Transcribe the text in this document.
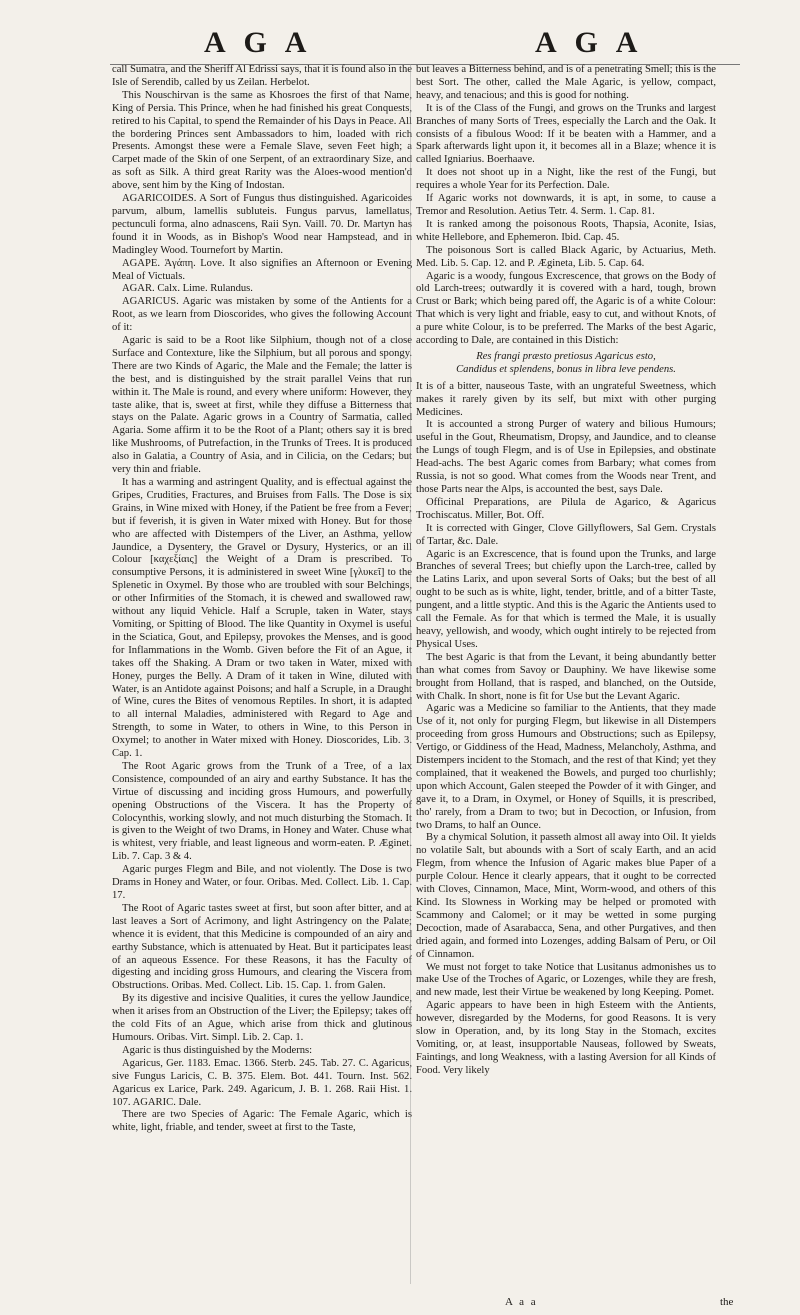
A G A	A G A

call Sumatra, and the Sheriff Al Edrissi says, that it is found also in the Isle of Serendib, called by us Zeilan. Herbelot.

This Nouschirvan is the same as Khosroes the first of that Name, King of Persia. This Prince, when he had finished his great Conquests, retired to his Capital, to spend the Remainder of his Days in Peace. All the bordering Princes sent Ambassadors to him, loaded with rich Presents. Amongst these were a Female Slave, seven Feet high; a Carpet made of the Skin of one Serpent, of an extraordinary Size, and as soft as Silk. A third great Rarity was the Aloes-wood mention'd above, sent him by the King of Indostan.

AGARICOIDES. A Sort of Fungus thus distinguished. Agaricoides parvum, album, lamellis subluteis. Fungus parvus, lamellatus, pectunculi forma, alno adnascens, Raii Syn. Vaill. 70. Dr. Martyn has found it in Woods, as in Bishop's Wood near Hampstead, and in Madingley Wood. Tournefort by Martin.

AGAPE. Ἀγάπη. Love. It also signifies an Afternoon or Evening Meal of Victuals.

AGAR. Calx. Lime. Rulandus.

AGARICUS. Agaric was mistaken by some of the Antients for a Root, as we learn from Dioscorides, who gives the following Account of it:

Agaric is said to be a Root like Silphium, though not of a close Surface and Contexture, like the Silphium, but all porous and spongy. There are two Kinds of Agaric, the Male and the Female; the latter is the best, and is distinguished by the strait parallel Veins that run within it. The Male is round, and every where uniform: However, they taste alike, that is, sweet at first, while they diffuse a Bitterness that stays on the Palate. Agaric grows in a Country of Sarmatia, called Agaria. Some affirm it to be the Root of a Plant; others say it is bred like Mushrooms, of Putrefaction, in the Trunks of Trees. It is produced also in Galatia, a Country of Asia, and in Cilicia, on the Cedars; but very thin and friable.

It has a warming and astringent Quality, and is effectual against the Gripes, Crudities, Fractures, and Bruises from Falls. The Dose is six Grains, in Wine mixed with Honey, if the Patient be free from a Fever; but if feverish, it is given in Water mixed with Honey. But for those who are affected with Distempers of the Liver, an Asthma, yellow Jaundice, a Dysentery, the Gravel or Dysury, Hysterics, or an ill Colour [καχεξίαις] the Weight of a Dram is prescribed. To consumptive Persons, it is administered in sweet Wine [γλυκεῖ] to the Splenetic in Oxymel. By those who are troubled with sour Belchings, or other Infirmities of the Stomach, it is chewed and swallowed raw, without any liquid Vehicle. Half a Scruple, taken in Water, stays Vomiting, or Spitting of Blood. The like Quantity in Oxymel is useful in the Sciatica, Gout, and Epilepsy, provokes the Menses, and is good for Inflammations in the Womb. Given before the Fit of an Ague, it takes off the Shaking. A Dram or two taken in Water, mixed with Honey, purges the Belly. A Dram of it taken in Wine, diluted with Water, is an Antidote against Poisons; and half a Scruple, in a Draught of Wine, cures the Bites of venomous Reptiles. In short, it is adapted to all internal Maladies, administered with Regard to Age and Strength, to some in Water, to others in Wine, to this Person in Oxymel; to another in Water mixed with Honey. Dioscorides, Lib. 3. Cap. 1.

The Root Agaric grows from the Trunk of a Tree, of a lax Consistence, compounded of an airy and earthy Substance. It has the Virtue of discussing and inciding gross Humours, and powerfully opening Obstructions of the Viscera. It has the Property of Colocynthis, working slowly, and not much disturbing the Stomach. It is given to the Weight of two Drams, in Honey and Water. Chuse what is whitest, very friable, and least ligneous and worm-eaten. P. Æginet. Lib. 7. Cap. 3 & 4.

Agaric purges Flegm and Bile, and not violently. The Dose is two Drams in Honey and Water, or four. Oribas. Med. Collect. Lib. 1. Cap. 17.

The Root of Agaric tastes sweet at first, but soon after bitter, and at last leaves a Sort of Acrimony, and light Astringency on the Palate; whence it is evident, that this Medicine is compounded of an airy and earthy Substance, which is attenuated by Heat. But it participates least of an aqueous Essence. For these Reasons, it has the Faculty of digesting and inciding gross Humours, and clearing the Viscera from Obstructions. Oribas. Med. Collect. Lib. 15. Cap. 1. from Galen.

By its digestive and incisive Qualities, it cures the yellow Jaundice, when it arises from an Obstruction of the Liver; the Epilepsy; takes off the cold Fits of an Ague, which arise from thick and glutinous Humours. Oribas. Virt. Simpl. Lib. 2. Cap. 1.

Agaric is thus distinguished by the Moderns:

Agaricus, Ger. 1183. Emac. 1366. Sterb. 245. Tab. 27. C. Agaricus, sive Fungus Laricis, C. B. 375. Elem. Bot. 441. Tourn. Inst. 562. Agaricus ex Larice, Park. 249. Agaricum, J. B. 1. 268. Raii Hist. 1. 107. AGARIC. Dale.

There are two Species of Agaric: The Female Agaric, which is white, light, friable, and tender, sweet at first to the Taste,

but leaves a Bitterness behind, and is of a penetrating Smell; this is the best Sort. The other, called the Male Agaric, is yellow, compact, heavy, and tenacious; and this is good for nothing.

It is of the Class of the Fungi, and grows on the Trunks and largest Branches of many Sorts of Trees, especially the Larch and the Oak. It consists of a fibulous Wood: If it be beaten with a Hammer, and a Spark afterwards light upon it, it becomes all in a Blaze; whence it is called Igniarius. Boerhaave.

It does not shoot up in a Night, like the rest of the Fungi, but requires a whole Year for its Perfection. Dale.

If Agaric works not downwards, it is apt, in some, to cause a Tremor and Resolution. Aetius Tetr. 4. Serm. 1. Cap. 81.

It is ranked among the poisonous Roots, Thapsia, Aconite, Isias, white Hellebore, and Ephemeron. Ibid. Cap. 45.

The poisonous Sort is called Black Agaric, by Actuarius, Meth. Med. Lib. 5. Cap. 12. and P. Ægineta, Lib. 5. Cap. 64.

Agaric is a woody, fungous Excrescence, that grows on the Body of old Larch-trees; outwardly it is covered with a hard, tough, brown Crust or Bark; which being pared off, the Agaric is of a white Colour: That which is very light and friable, easy to cut, and without Knots, of a pure white Colour, is to be preferred. The Marks of the best Agaric, according to Dale, are contained in this Distich:

Res frangi præsto pretiosus Agaricus esto,

Candidus et splendens, bonus in libra leve pendens.

It is of a bitter, nauseous Taste, with an ungrateful Sweetness, which makes it rarely given by its self, but mixt with other purging Medicines.

It is accounted a strong Purger of watery and bilious Humours; useful in the Gout, Rheumatism, Dropsy, and Jaundice, and to cleanse the Lungs of tough Flegm, and is of Use in Epilepsies, and obstinate Head-achs. The best Agaric comes from Barbary; what comes from Russia, is not so good. What comes from the Woods near Trent, and those Parts near the Alps, is accounted the best, says Dale.

Officinal Preparations, are Pilula de Agarico, & Agaricus Trochiscatus. Miller, Bot. Off.

It is corrected with Ginger, Clove Gillyflowers, Sal Gem. Crystals of Tartar, &c. Dale.

Agaric is an Excrescence, that is found upon the Trunks, and large Branches of several Trees; but chiefly upon the Larch-tree, called by the Latins Larix, and upon several Sorts of Oaks; but the best of all ought to be such as is white, light, tender, brittle, and of a bitter Taste, pungent, and a little styptic. And this is the Agaric the Antients used to call the Female. As for that which is termed the Male, it is usually heavy, yellowish, and woody, which ought intirely to be rejected from Physical Uses.

The best Agaric is that from the Levant, it being abundantly better than what comes from Savoy or Dauphiny. We have likewise some brought from Holland, that is rasped, and blanched, on the Outside, with Chalk. In short, none is fit for Use but the Levant Agaric.

Agaric was a Medicine so familiar to the Antients, that they made Use of it, not only for purging Flegm, but likewise in all Distempers proceeding from gross Humours and Obstructions; such as Epilepsy, Vertigo, or Giddiness of the Head, Madness, Melancholy, Asthma, and Distempers incident to the Stomach, and the rest of that Kind; yet they complained, that it weakened the Bowels, and purged too churlishly; upon which Account, Galen steeped the Powder of it with Ginger, and gave it, to a Dram, in Oxymel, or Honey of Squills, it is prescribed, tho' rarely, from a Dram to two; but in Decoction, or Infusion, from two Drams, to half an Ounce.

By a chymical Solution, it passeth almost all away into Oil. It yields no volatile Salt, but abounds with a Sort of scaly Earth, and an acid Flegm, from whence the Infusion of Agaric makes blue Paper of a purple Colour. Hence it clearly appears, that it ought to be corrected with Cloves, Cinnamon, Mace, Mint, Worm-wood, and others of this Kind. Its Slowness in Working may be helped or promoted with Scammony and Calomel; or it may be wetted in some purging Decoction, made of Asarabacca, Sena, and other Purgatives, and then dried again, and formed into Lozenges, adding Balsam of Peru, or Oil of Cinnamon.

We must not forget to take Notice that Lusitanus admonishes us to make Use of the Troches of Agaric, or Lozenges, while they are fresh, and new made, lest their Virtue be weakened by long Keeping. Pomet.

Agaric appears to have been in high Esteem with the Antients, however, disregarded by the Moderns, for good Reasons. It is very slow in Operation, and, by its long Stay in the Stomach, excites Vomiting, or, at least, insupportable Nauseas, followed by Sweats, Faintings, and long Weakness, with a lasting Aversion for all Kinds of Food. Very likely

A a a	the
